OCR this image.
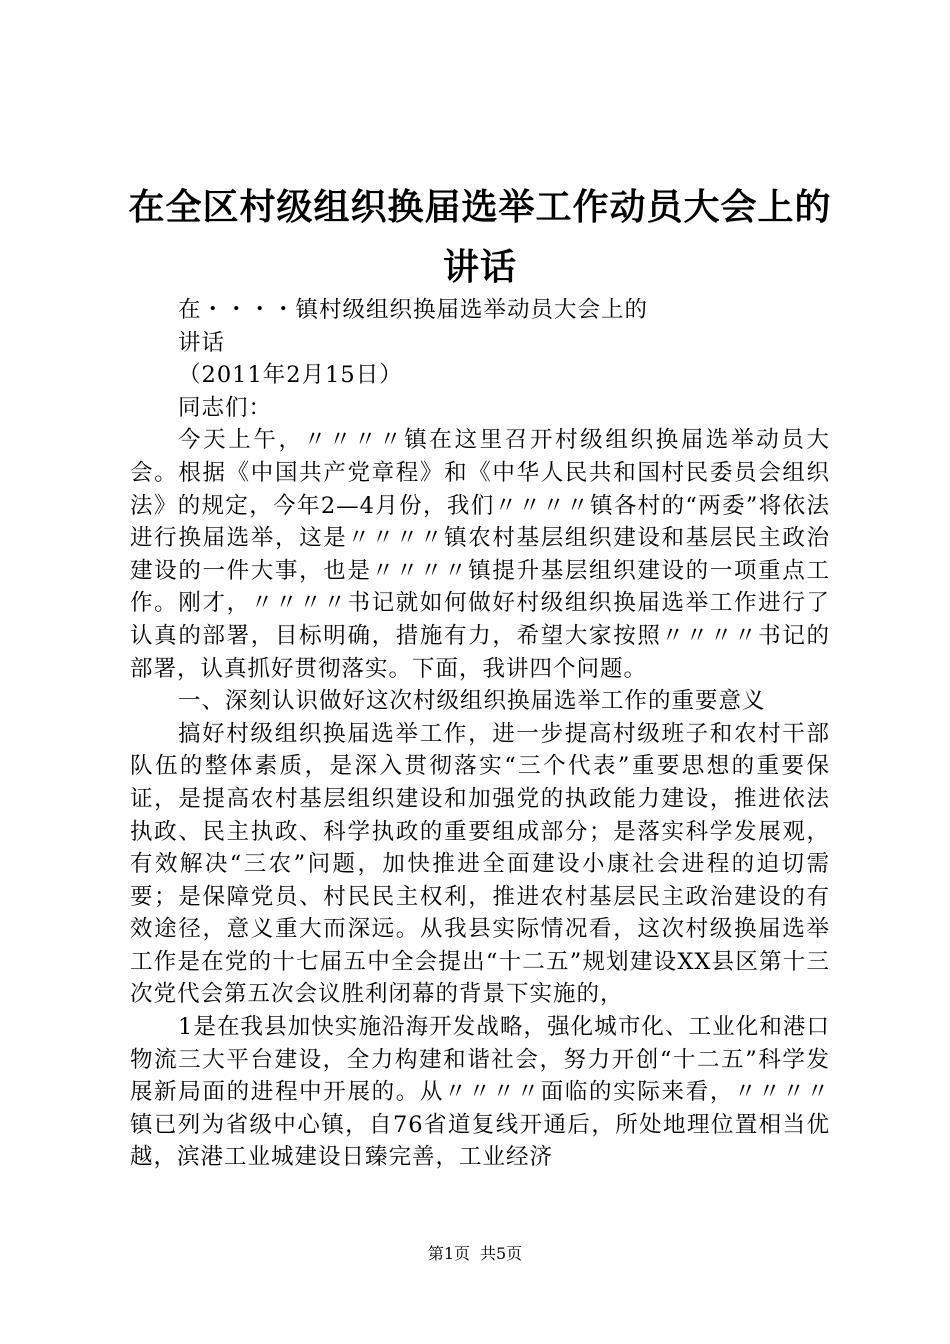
在全区村级组织换届选举工作动员大会上的讲话

在・・・・镇村级组织换届选举动员大会上的

讲话

（2011年2月15日）

同志们：

今天上午，〃〃〃〃镇在这里召开村级组织换届选举动员大会。根据《中国共产党章程》和《中华人民共和国村民委员会组织法》的规定，今年2—4月份，我们〃〃〃〃镇各村的“两委”将依法进行换届选举，这是〃〃〃〃镇农村基层组织建设和基层民主政治建设的一件大事，也是〃〃〃〃镇提升基层组织建设的一项重点工作。刚才，〃〃〃〃书记就如何做好村级组织换届选举工作进行了认真的部署，目标明确，措施有力，希望大家按照〃〃〃〃书记的部署，认真抓好贯彻落实。下面，我讲四个问题。

一、深刻认识做好这次村级组织换届选举工作的重要意义

搞好村级组织换届选举工作，进一步提高村级班子和农村干部队伍的整体素质，是深入贯彻落实“三个代表”重要思想的重要保证，是提高农村基层组织建设和加强党的执政能力建设，推进依法执政、民主执政、科学执政的重要组成部分；是落实科学发展观，有效解决“三农”问题，加快推进全面建设小康社会进程的迫切需要；是保障党员、村民民主权利，推进农村基层民主政治建设的有效途径，意义重大而深远。从我县实际情况看，这次村级换届选举工作是在党的十七届五中全会提出“十二五”规划建设XX县区第十三次党代会第五次会议胜利闭幕的背景下实施的，

1是在我县加快实施沿海开发战略，强化城市化、工业化和港口物流三大平台建设，全力构建和谐社会，努力开创“十二五”科学发展新局面的进程中开展的。从〃〃〃〃面临的实际来看，〃〃〃〃镇已列为省级中心镇，自76省道复线开通后，所处地理位置相当优越，滨港工业城建设日臻完善，工业经济

第1页 共5页
